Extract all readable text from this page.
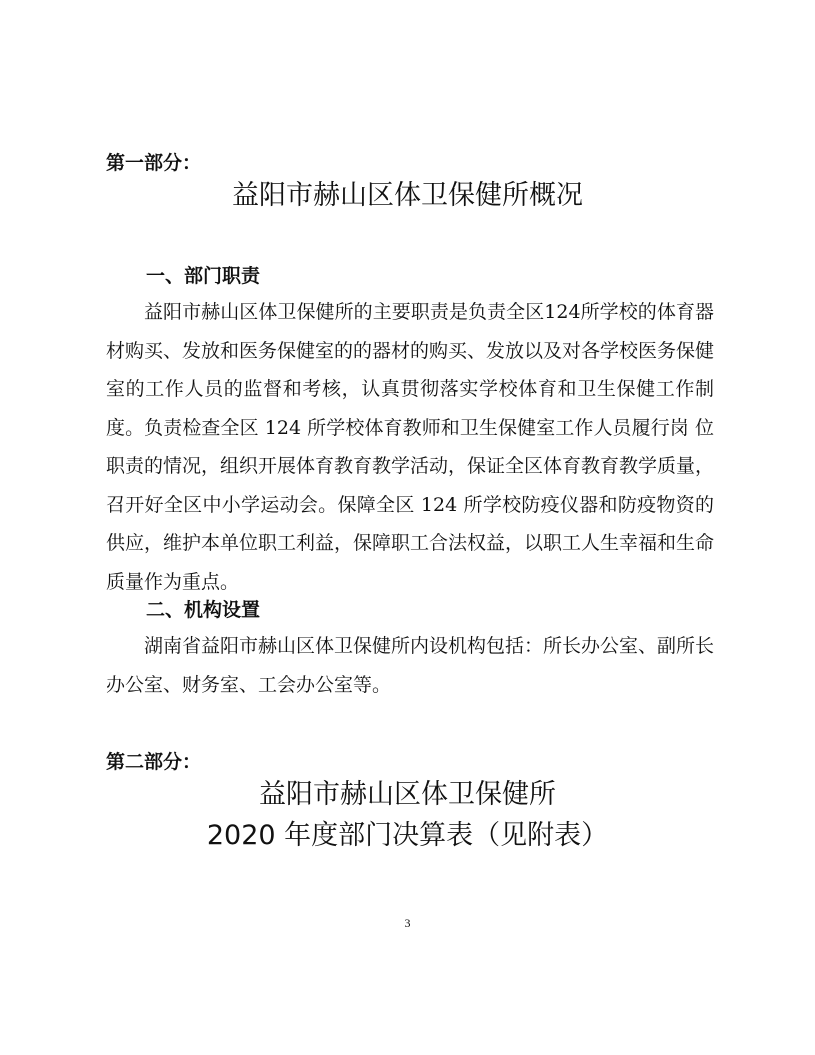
第一部分：
益阳市赫山区体卫保健所概况
一、部门职责

益阳市赫山区体卫保健所的主要职责是负责全区124所学校的体育器材购买、发放和医务保健室的的器材的购买、发放以及对各学校医务保健室的工作人员的监督和考核，认真贯彻落实学校体育和卫生保健工作制度。负责检查全区 124 所学校体育教师和卫生保健室工作人员履行岗 位职责的情况，组织开展体育教育教学活动，保证全区体育教育教学质量，召开好全区中小学运动会。保障全区 124 所学校防疫仪器和防疫物资的供应，维护本单位职工利益，保障职工合法权益，以职工人生幸福和生命质量作为重点。

二、机构设置

湖南省益阳市赫山区体卫保健所内设机构包括：所长办公室、副所长办公室、财务室、工会办公室等。

第二部分：
益阳市赫山区体卫保健所
2020 年度部门决算表（见附表）
3
